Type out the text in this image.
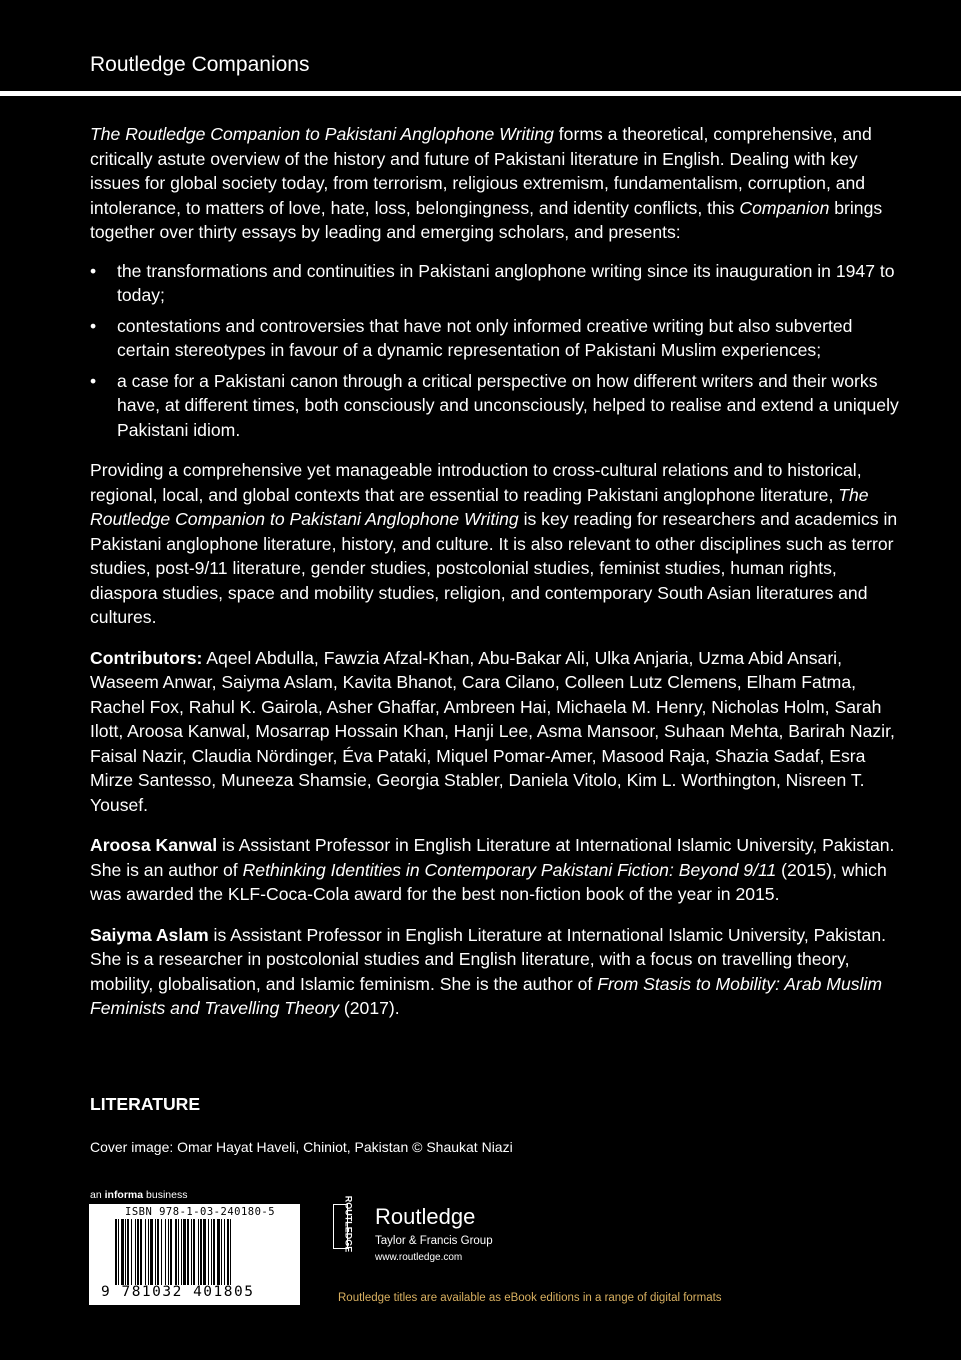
Routledge Companions

The Routledge Companion to Pakistani Anglophone Writing forms a theoretical, comprehensive, and critically astute overview of the history and future of Pakistani literature in English. Dealing with key issues for global society today, from terrorism, religious extremism, fundamentalism, corruption, and intolerance, to matters of love, hate, loss, belongingness, and identity conflicts, this Companion brings together over thirty essays by leading and emerging scholars, and presents:

• the transformations and continuities in Pakistani anglophone writing since its inauguration in 1947 to today;
• contestations and controversies that have not only informed creative writing but also subverted certain stereotypes in favour of a dynamic representation of Pakistani Muslim experiences;
• a case for a Pakistani canon through a critical perspective on how different writers and their works have, at different times, both consciously and unconsciously, helped to realise and extend a uniquely Pakistani idiom.

Providing a comprehensive yet manageable introduction to cross-cultural relations and to historical, regional, local, and global contexts that are essential to reading Pakistani anglophone literature, The Routledge Companion to Pakistani Anglophone Writing is key reading for researchers and academics in Pakistani anglophone literature, history, and culture. It is also relevant to other disciplines such as terror studies, post-9/11 literature, gender studies, postcolonial studies, feminist studies, human rights, diaspora studies, space and mobility studies, religion, and contemporary South Asian literatures and cultures.

Contributors: Aqeel Abdulla, Fawzia Afzal-Khan, Abu-Bakar Ali, Ulka Anjaria, Uzma Abid Ansari, Waseem Anwar, Saiyma Aslam, Kavita Bhanot, Cara Cilano, Colleen Lutz Clemens, Elham Fatma, Rachel Fox, Rahul K. Gairola, Asher Ghaffar, Ambreen Hai, Michaela M. Henry, Nicholas Holm, Sarah Ilott, Aroosa Kanwal, Mosarrap Hossain Khan, Hanji Lee, Asma Mansoor, Suhaan Mehta, Barirah Nazir, Faisal Nazir, Claudia Nördinger, Éva Pataki, Miquel Pomar-Amer, Masood Raja, Shazia Sadaf, Esra Mirze Santesso, Muneeza Shamsie, Georgia Stabler, Daniela Vitolo, Kim L. Worthington, Nisreen T. Yousef.

Aroosa Kanwal is Assistant Professor in English Literature at International Islamic University, Pakistan. She is an author of Rethinking Identities in Contemporary Pakistani Fiction: Beyond 9/11 (2015), which was awarded the KLF-Coca-Cola award for the best non-fiction book of the year in 2015.

Saiyma Aslam is Assistant Professor in English Literature at International Islamic University, Pakistan. She is a researcher in postcolonial studies and English literature, with a focus on travelling theory, mobility, globalisation, and Islamic feminism. She is the author of From Stasis to Mobility: Arab Muslim Feminists and Travelling Theory (2017).

LITERATURE
Cover image: Omar Hayat Haveli, Chiniot, Pakistan © Shaukat Niazi
an informa business
ISBN 978-1-03-240180-5
9 781032 401805
ROUTLEDGE Routledge
Taylor & Francis Group
www.routledge.com
Routledge titles are available as eBook editions in a range of digital formats
